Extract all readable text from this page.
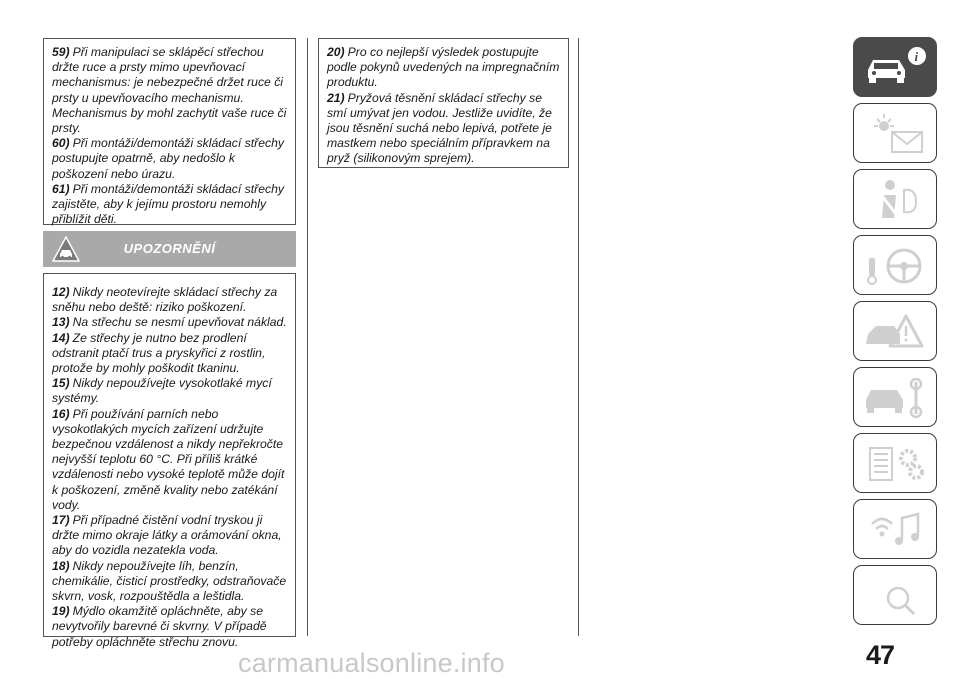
59) Při manipulaci se sklápěcí střechou držte ruce a prsty mimo upevňovací mechanismus: je nebezpečné držet ruce či prsty u upevňovacího mechanismu. Mechanismus by mohl zachytit vaše ruce či prsty.

60) Při montáži/demontáži skládací střechy postupujte opatrně, aby nedošlo k poškození nebo úrazu.

61) Při montáži/demontáži skládací střechy zajistěte, aby k jejímu prostoru nemohly přiblížit děti.

UPOZORNĚNÍ

12) Nikdy neotevírejte skládací střechy za sněhu nebo deště: riziko poškození.

13) Na střechu se nesmí upevňovat náklad.

14) Ze střechy je nutno bez prodlení odstranit ptačí trus a pryskyřici z rostlin, protože by mohly poškodit tkaninu.

15) Nikdy nepoužívejte vysokotlaké mycí systémy.

16) Při používání parních nebo vysokotlakých mycích zařízení udržujte bezpečnou vzdálenost a nikdy nepřekročte nejvyšší teplotu 60 °C. Při příliš krátké vzdálenosti nebo vysoké teplotě může dojít k poškození, změně kvality nebo zatékání vody.

17) Při případné čistění vodní tryskou ji držte mimo okraje látky a orámování okna, aby do vozidla nezatekla voda.

18) Nikdy nepoužívejte líh, benzín, chemikálie, čisticí prostředky, odstraňovače skvrn, vosk, rozpouštědla a leštidla.

19) Mýdlo okamžitě opláchněte, aby se nevytvořily barevné či skvrny. V případě potřeby opláchněte střechu znovu.

20) Pro co nejlepší výsledek postupujte podle pokynů uvedených na impregnačním produktu.

21) Pryžová těsnění skládací střechy se smí umývat jen vodou. Jestliže uvidíte, že jsou těsnění suchá nebo lepivá, potřete je mastkem nebo speciálním přípravkem na pryž (silikonovým sprejem).

i
47
carmanualsonline.info
